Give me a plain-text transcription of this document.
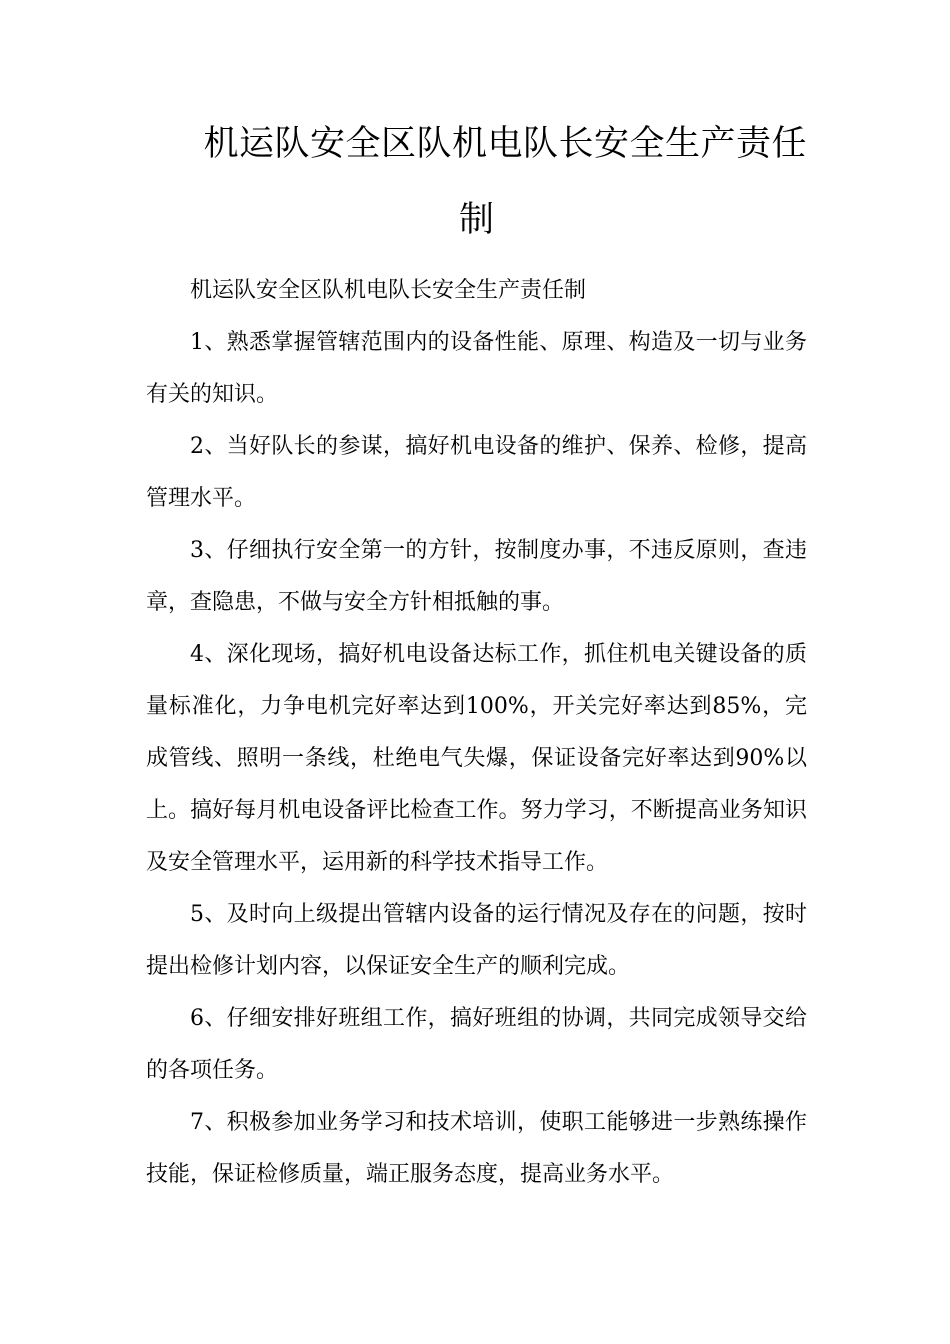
机运队安全区队机电队长安全生产责任
制

机运队安全区队机电队长安全生产责任制

1、熟悉掌握管辖范围内的设备性能、原理、构造及一切与业务有关的知识。

2、当好队长的参谋，搞好机电设备的维护、保养、检修，提高管理水平。

3、仔细执行安全第一的方针，按制度办事，不违反原则，查违章，查隐患，不做与安全方针相抵触的事。

4、深化现场，搞好机电设备达标工作，抓住机电关键设备的质量标准化，力争电机完好率达到100%，开关完好率达到85%，完成管线、照明一条线，杜绝电气失爆，保证设备完好率达到90%以上。搞好每月机电设备评比检查工作。努力学习，不断提高业务知识及安全管理水平，运用新的科学技术指导工作。

5、及时向上级提出管辖内设备的运行情况及存在的问题，按时提出检修计划内容，以保证安全生产的顺利完成。

6、仔细安排好班组工作，搞好班组的协调，共同完成领导交给的各项任务。

7、积极参加业务学习和技术培训，使职工能够进一步熟练操作技能，保证检修质量，端正服务态度，提高业务水平。
